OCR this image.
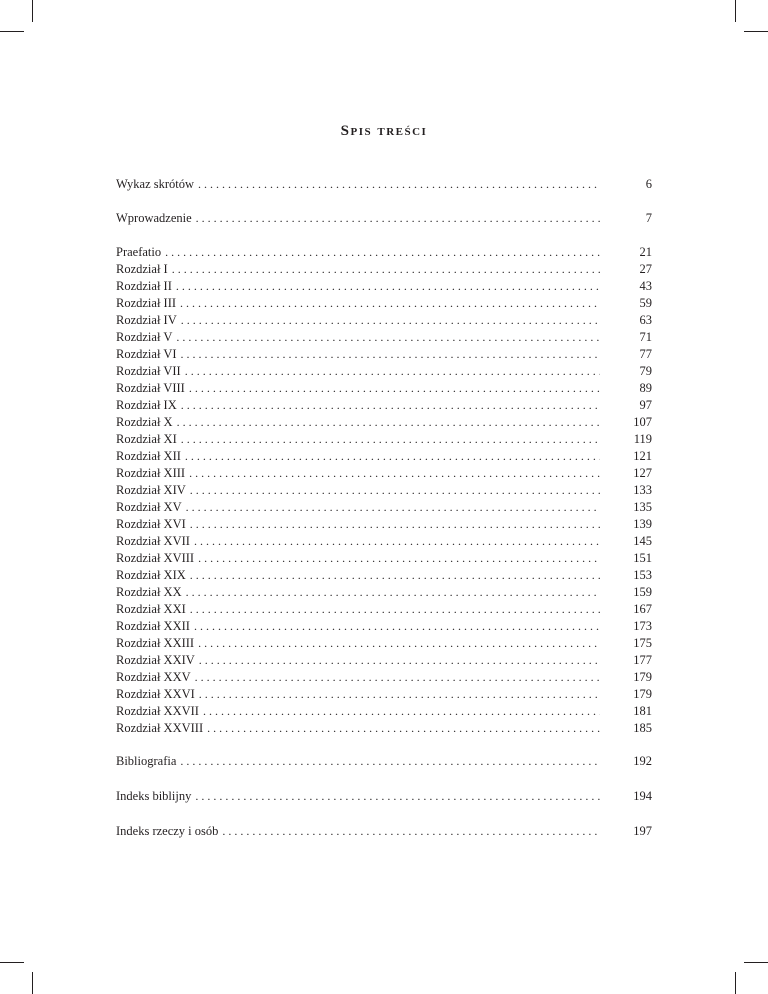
Spis treści
Wykaz skrótów . . .	6
Wprowadzenie . . .	7
Praefatio . . .	21
Rozdział I . . .	27
Rozdział II . . .	43
Rozdział III . . .	59
Rozdział IV . . .	63
Rozdział V . . .	71
Rozdział VI . . .	77
Rozdział VII . . .	79
Rozdział VIII . . .	89
Rozdział IX . . .	97
Rozdział X . . .	107
Rozdział XI . . .	119
Rozdział XII . . .	121
Rozdział XIII . . .	127
Rozdział XIV . . .	133
Rozdział XV . . .	135
Rozdział XVI . . .	139
Rozdział XVII . . .	145
Rozdział XVIII . . .	151
Rozdział XIX . . .	153
Rozdział XX . . .	159
Rozdział XXI . . .	167
Rozdział XXII . . .	173
Rozdział XXIII . . .	175
Rozdział XXIV . . .	177
Rozdział XXV . . .	179
Rozdział XXVI . . .	179
Rozdział XXVII . . .	181
Rozdział XXVIII . . .	185
Bibliografia . . .	192
Indeks biblijny . . .	194
Indeks rzeczy i osób . . .	197
